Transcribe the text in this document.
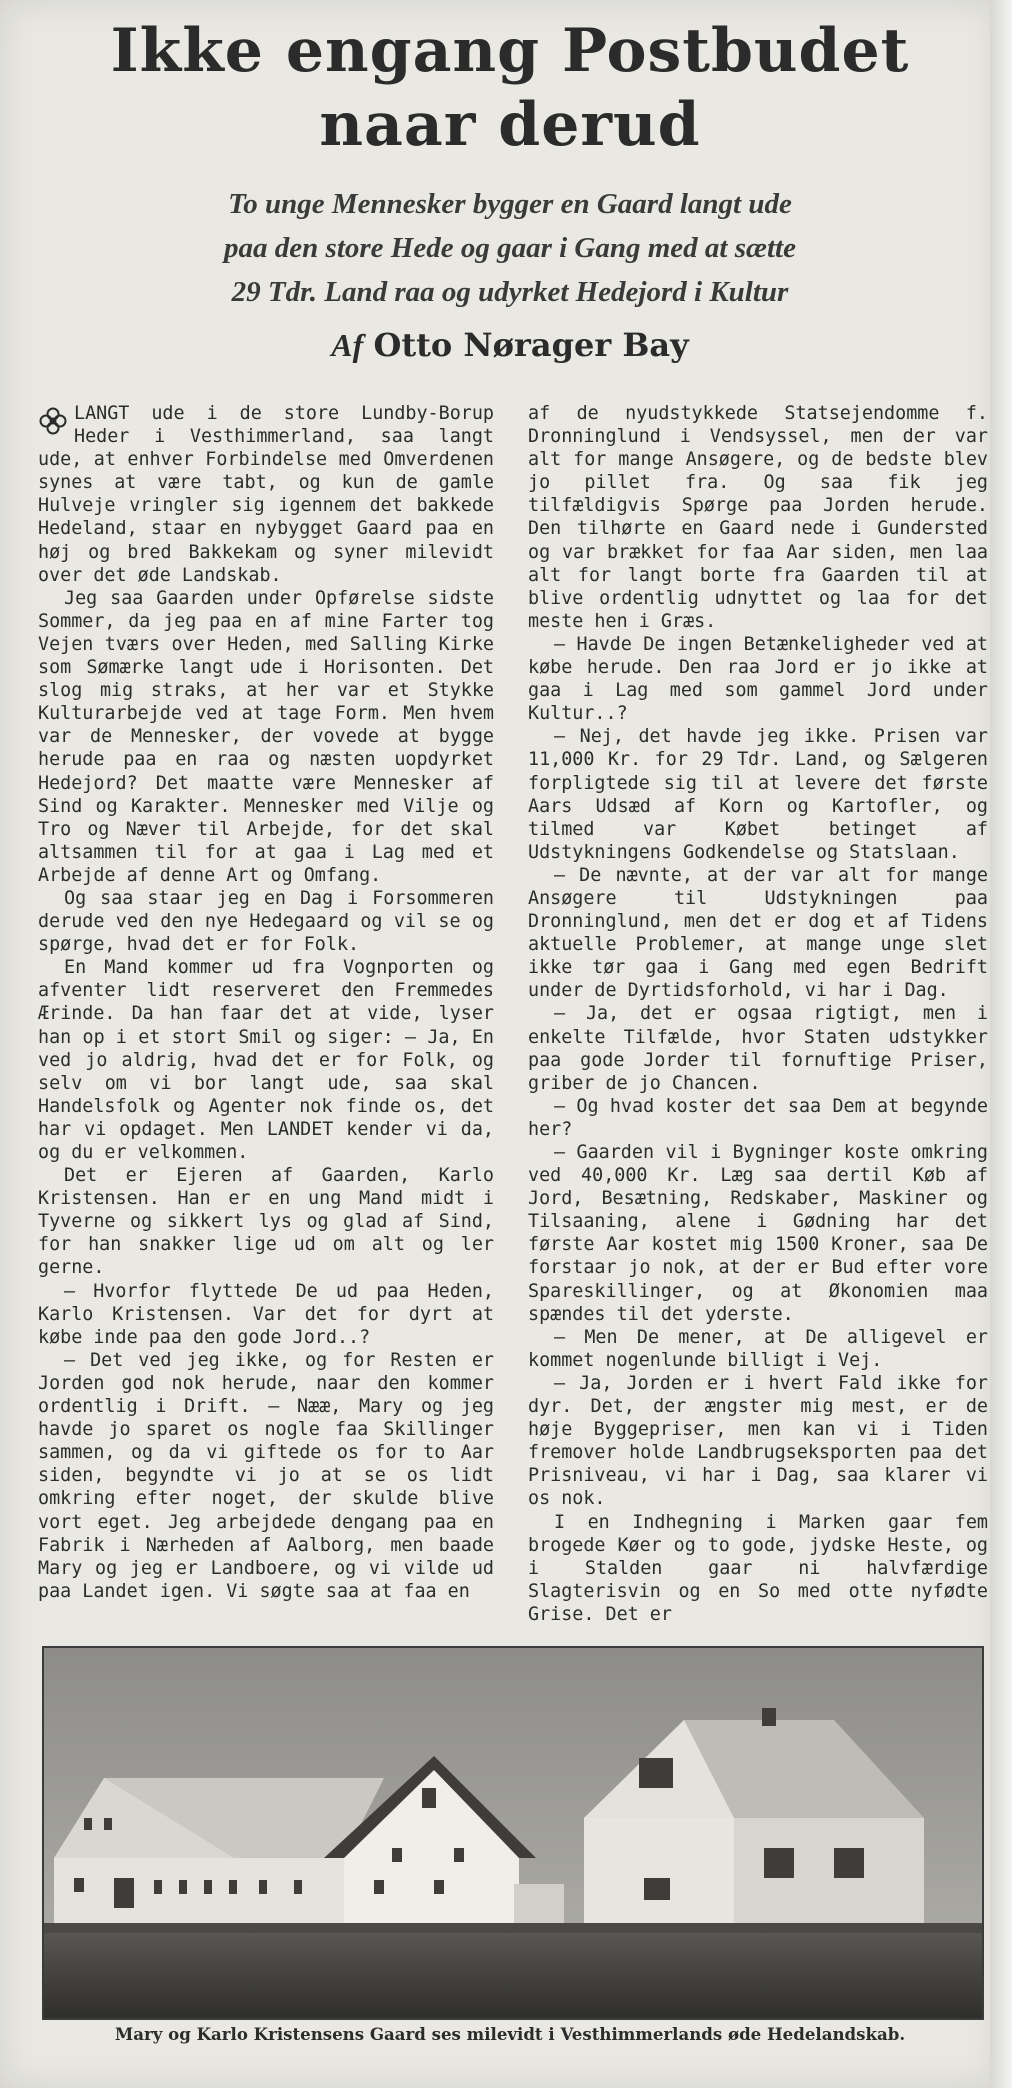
Ikke engang Postbudet
naar derud
To unge Mennesker bygger en Gaard langt ude
paa den store Hede og gaar i Gang med at sætte
29 Tdr. Land raa og udyrket Hedejord i Kultur
Af Otto Nørager Bay

LANGT ude i de store Lundby-Borup Heder i Vesthimmerland, saa langt ude, at enhver Forbindelse med Omverdenen synes at være tabt, og kun de gamle Hulveje vringler sig igennem det bakkede Hedeland, staar en nybygget Gaard paa en høj og bred Bakkekam og syner milevidt over det øde Landskab.

Jeg saa Gaarden under Opførelse sidste Sommer, da jeg paa en af mine Farter tog Vejen tværs over Heden, med Salling Kirke som Sømærke langt ude i Horisonten. Det slog mig straks, at her var et Stykke Kulturarbejde ved at tage Form. Men hvem var de Mennesker, der vovede at bygge herude paa en raa og næsten uopdyrket Hedejord? Det maatte være Mennesker af Sind og Karakter. Mennesker med Vilje og Tro og Næver til Arbejde, for det skal altsammen til for at gaa i Lag med et Arbejde af denne Art og Omfang.

Og saa staar jeg en Dag i Forsommeren derude ved den nye Hedegaard og vil se og spørge, hvad det er for Folk.

En Mand kommer ud fra Vognporten og afventer lidt reserveret den Fremmedes Ærinde. Da han faar det at vide, lyser han op i et stort Smil og siger: — Ja, En ved jo aldrig, hvad det er for Folk, og selv om vi bor langt ude, saa skal Handelsfolk og Agenter nok finde os, det har vi opdaget. Men LANDET kender vi da, og du er velkommen.

Det er Ejeren af Gaarden, Karlo Kristensen. Han er en ung Mand midt i Tyverne og sikkert lys og glad af Sind, for han snakker lige ud om alt og ler gerne.

— Hvorfor flyttede De ud paa Heden, Karlo Kristensen. Var det for dyrt at købe inde paa den gode Jord..?

— Det ved jeg ikke, og for Resten er Jorden god nok herude, naar den kommer ordentlig i Drift. — Nææ, Mary og jeg havde jo sparet os nogle faa Skillinger sammen, og da vi giftede os for to Aar siden, begyndte vi jo at se os lidt omkring efter noget, der skulde blive vort eget. Jeg arbejdede dengang paa en Fabrik i Nærheden af Aalborg, men baade Mary og jeg er Landboere, og vi vilde ud paa Landet igen. Vi søgte saa at faa en

af de nyudstykkede Statsejendomme f. Dronninglund i Vendsyssel, men der var alt for mange Ansøgere, og de bedste blev jo pillet fra. Og saa fik jeg tilfældigvis Spørge paa Jorden herude. Den tilhørte en Gaard nede i Gundersted og var brækket for faa Aar siden, men laa alt for langt borte fra Gaarden til at blive ordentlig udnyttet og laa for det meste hen i Græs.

— Havde De ingen Betænkeligheder ved at købe herude. Den raa Jord er jo ikke at gaa i Lag med som gammel Jord under Kultur..?

— Nej, det havde jeg ikke. Prisen var 11,000 Kr. for 29 Tdr. Land, og Sælgeren forpligtede sig til at levere det første Aars Udsæd af Korn og Kartofler, og tilmed var Købet betinget af Udstykningens Godkendelse og Statslaan.

— De nævnte, at der var alt for mange Ansøgere til Udstykningen paa Dronninglund, men det er dog et af Tidens aktuelle Problemer, at mange unge slet ikke tør gaa i Gang med egen Bedrift under de Dyrtidsforhold, vi har i Dag.

— Ja, det er ogsaa rigtigt, men i enkelte Tilfælde, hvor Staten udstykker paa gode Jorder til fornuftige Priser, griber de jo Chancen.

— Og hvad koster det saa Dem at begynde her?

— Gaarden vil i Bygninger koste omkring ved 40,000 Kr. Læg saa dertil Køb af Jord, Besætning, Redskaber, Maskiner og Tilsaaning, alene i Gødning har det første Aar kostet mig 1500 Kroner, saa De forstaar jo nok, at der er Bud efter vore Spareskillinger, og at Økonomien maa spændes til det yderste.

— Men De mener, at De alligevel er kommet nogenlunde billigt i Vej.

— Ja, Jorden er i hvert Fald ikke for dyr. Det, der ængster mig mest, er de høje Byggepriser, men kan vi i Tiden fremover holde Landbrugseksporten paa det Prisniveau, vi har i Dag, saa klarer vi os nok.

I en Indhegning i Marken gaar fem brogede Køer og to gode, jydske Heste, og i Stalden gaar ni halvfærdige Slagterisvin og en So med otte nyfødte Grise. Det er

Mary og Karlo Kristensens Gaard ses milevidt i Vesthimmerlands øde Hedelandskab.
